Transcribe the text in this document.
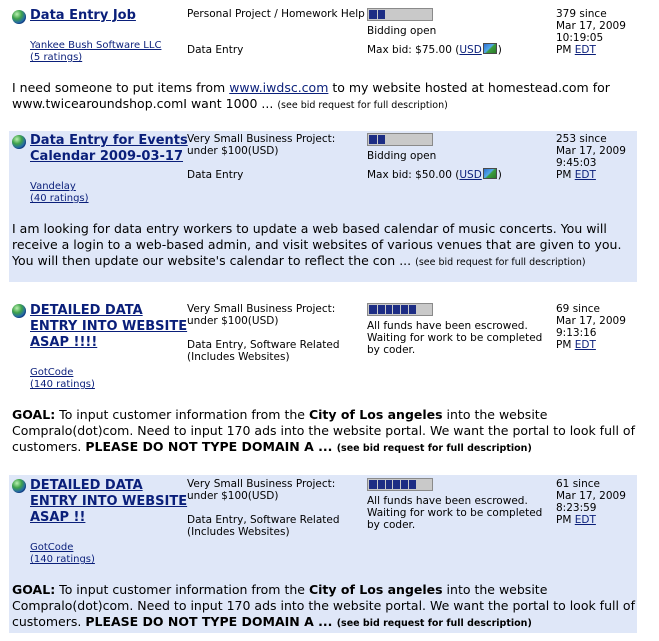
Data Entry Job
Yankee Bush Software LLC
(5 ratings)
Personal Project / Homework Help
Data Entry
Bidding open
Max bid: $75.00 (USD )
379 since
Mar 17, 2009
10:19:05
PM EDT
I need someone to put items from www.iwdsc.com to my website hosted at homestead.com for www.twicearoundshop.comI want 1000 ... (see bid request for full description)
Data Entry for Events Calendar 2009-03-17
Vandelay
(40 ratings)
Very Small Business Project: under $100(USD)
Data Entry
Bidding open
Max bid: $50.00 (USD )
253 since
Mar 17, 2009
9:45:03
PM EDT
I am looking for data entry workers to update a web based calendar of music concerts. You will receive a login to a web-based admin, and visit websites of various venues that are given to you. You will then update our website's calendar to reflect the con ... (see bid request for full description)
DETAILED DATA ENTRY INTO WEBSITE ASAP !!!!
GotCode
(140 ratings)
Very Small Business Project: under $100(USD)
Data Entry, Software Related (Includes Websites)
All funds have been escrowed. Waiting for work to be completed by coder.
69 since
Mar 17, 2009
9:13:16
PM EDT
GOAL: To input customer information from the City of Los angeles into the website Compralo(dot)com. Need to input 170 ads into the website portal. We want the portal to look full of customers. PLEASE DO NOT TYPE DOMAIN A ... (see bid request for full description)
DETAILED DATA ENTRY INTO WEBSITE ASAP !!
GotCode
(140 ratings)
Very Small Business Project: under $100(USD)
Data Entry, Software Related (Includes Websites)
All funds have been escrowed. Waiting for work to be completed by coder.
61 since
Mar 17, 2009
8:23:59
PM EDT
GOAL: To input customer information from the City of Los angeles into the website Compralo(dot)com. Need to input 170 ads into the website portal. We want the portal to look full of customers. PLEASE DO NOT TYPE DOMAIN A ... (see bid request for full description)
